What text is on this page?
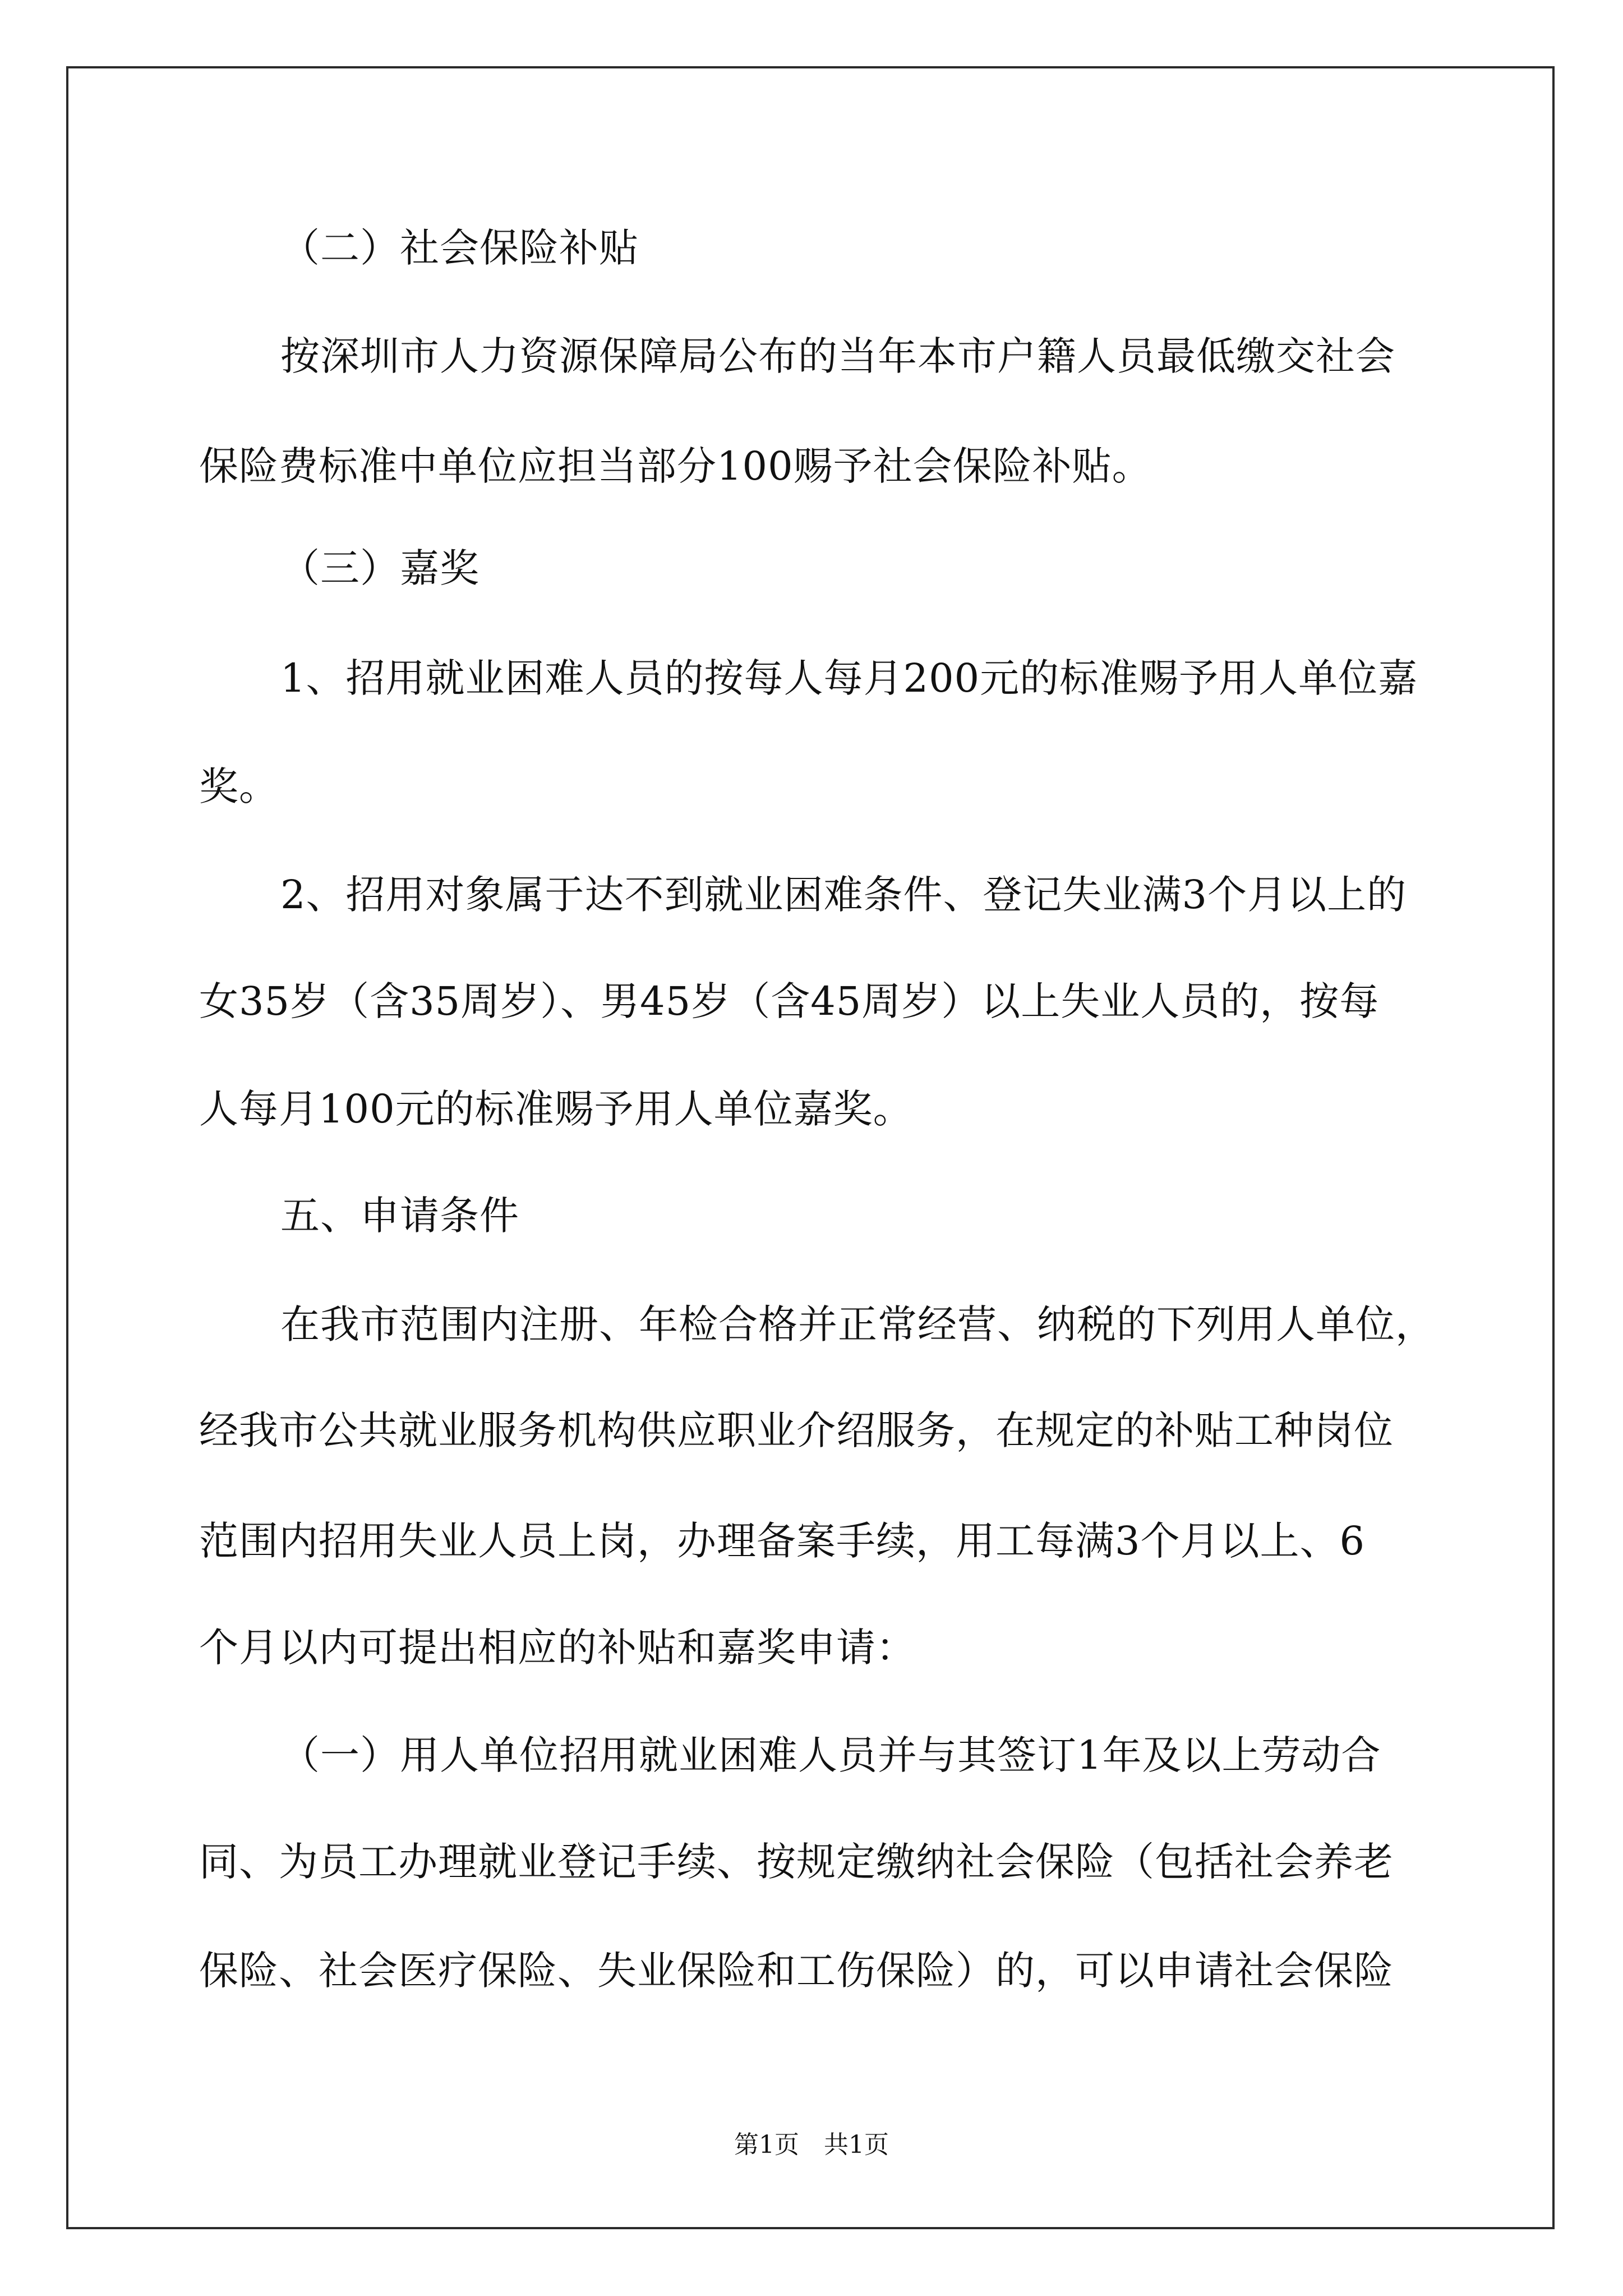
（二）社会保险补贴
按深圳市人力资源保障局公布的当年本市户籍人员最低缴交社会
保险费标准中单位应担当部分100赐予社会保险补贴。
（三）嘉奖
1、招用就业困难人员的按每人每月200元的标准赐予用人单位嘉
奖。
2、招用对象属于达不到就业困难条件、登记失业满3个月以上的
女35岁（含35周岁）、男45岁（含45周岁）以上失业人员的，按每
人每月100元的标准赐予用人单位嘉奖。
五、申请条件
在我市范围内注册、年检合格并正常经营、纳税的下列用人单位，
经我市公共就业服务机构供应职业介绍服务，在规定的补贴工种岗位
范围内招用失业人员上岗，办理备案手续，用工每满3个月以上、6
个月以内可提出相应的补贴和嘉奖申请：
（一）用人单位招用就业困难人员并与其签订1年及以上劳动合
同、为员工办理就业登记手续、按规定缴纳社会保险（包括社会养老
保险、社会医疗保险、失业保险和工伤保险）的，可以申请社会保险
第1页 共1页
